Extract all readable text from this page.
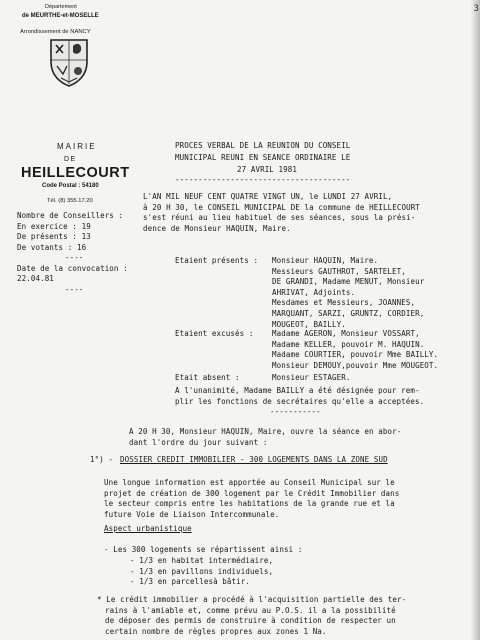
3
Département
de MEURTHE-et-MOSELLE
Arrondissement de NANCY
MAIRIE
DE
HEILLECOURT
Code Postal : 54180
Tél. (8) 355.17.20
Nombre de Conseillers :
En exercice : 19
De présents : 13
De votants : 16
----
Date de la convocation :
22.04.81
----
PROCES VERBAL DE LA REUNION DU CONSEIL
MUNICIPAL REUNI EN SEANCE ORDINAIRE LE
27 AVRIL 1981
--------------------------------------
L'AN MIL NEUF CENT QUATRE VINGT UN, le LUNDI 27 AVRIL,
à 20 H 30, le CONSEIL MUNICIPAL DE la commune de HEILLECOURT
s'est réuni au lieu habituel de ses séances, sous la prési-
dence de Monsieur HAQUIN, Maire.
Etaient présents : Monsieur HAQUIN, Maire.
Messieurs GAUTHROT, SARTELET,
DE GRANDI, Madame MENUT, Monsieur
AHRIVAT, Adjoints.
Mesdames et Messieurs, JOANNES,
MARQUANT, SARZI, GRUNTZ, CORDIER,
MOUGEOT, BAILLY.
Etaient excusés : Madame AGERON, Monsieur VOSSART,
Madame KELLER, pouvoir M. HAQUIN.
Madame COURTIER, pouvoir Mme BAILLY.
Monsieur DEMOUY,pouvoir Mme MOUGEOT.
Etait absent :	Monsieur ESTAGER.
A l'unanimité, Madame BAILLY a été désignée pour rem-
plir les fonctions de secrétaires qu'elle a acceptées.
-----------
A 20 H 30, Monsieur HAQUIN, Maire, ouvre la séance en abor-
dant l'ordre du jour suivant :
1°) - DOSSIER CREDIT IMMOBILIER - 300 LOGEMENTS DANS LA ZONE SUD
Une longue information est apportée au Conseil Municipal sur le
projet de création de 300 logement par le Crédit Immobilier dans
le secteur compris entre les habitations de la grande rue et la
future Voie de Liaison Intercommunale.
Aspect urbanistique
- Les 300 logements se répartissent ainsi :
- 1/3 en habitat intermédiaire,
- 1/3 en pavillons individuels,
- 1/3 en parcellesà bâtir.
* Le crédit immobilier a procédé à l'acquisition partielle des ter-
rains à l'amiable et, comme prévu au P.O.S. il a la possibilité
de déposer des permis de construire à condition de respecter un
certain nombre de règles propres aux zones 1 Na.
